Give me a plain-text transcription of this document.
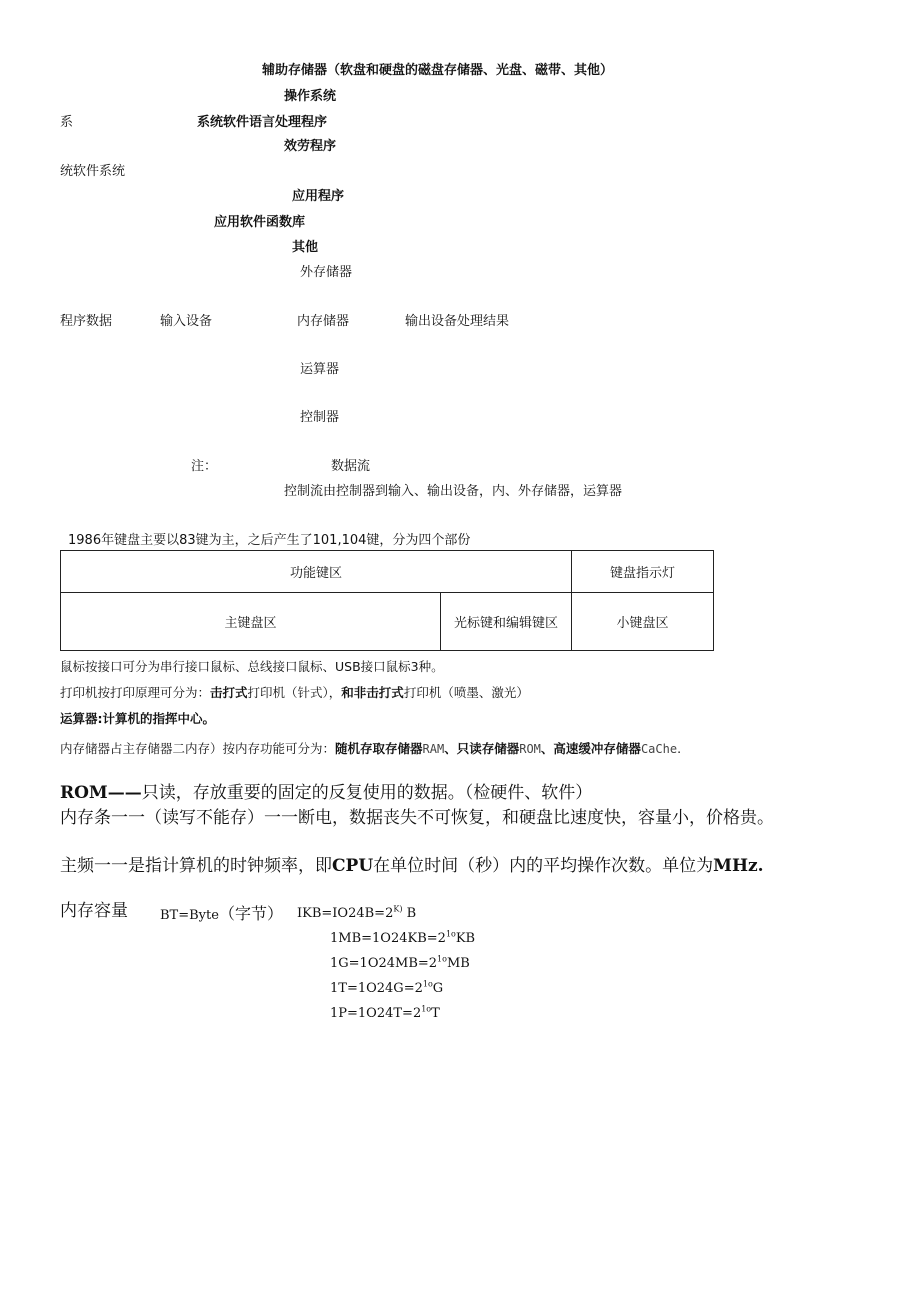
辅助存储器（软盘和硬盘的磁盘存储器、光盘、磁带、其他）
操作系统
系	系统软件语言处理程序
效劳程序
统软件系统
应用程序
应用软件函数库
其他
外存储器
程序数据	输入设备	内存储器	输出设备处理结果
运算器
控制器
注：	数据流
控制流由控制器到输入、输出设备，内、外存储器，运算器
1986年键盘主要以83键为主，之后产生了101,104键，分为四个部份
功能键区	键盘指示灯
主键盘区	光标键和编辑键区	小键盘区
鼠标按接口可分为串行接口鼠标、总线接口鼠标、USB接口鼠标3种。
打印机按打印原理可分为：击打式打印机（针式），和非击打式打印机（喷墨、激光）
运算器:计算机的指挥中心。
内存储器占主存储器二内存）按内存功能可分为：随机存取存储器RAM、只读存储器ROM、高速缓冲存储器CaChe.
ROM——只读，存放重要的固定的反复使用的数据。（检硬件、软件）
内存条一一（读写不能存）一一断电，数据丧失不可恢复，和硬盘比速度快，容量小，价格贵。
主频一一是指计算机的时钟频率，即CPU在单位时间（秒）内的平均操作次数。单位为MHz.
内存容量 BT=Byte（字节） $IKB=IO24B=2^{K)}$ B
$1MB=1O24KB=2^{1o}KB$
$1G=1O24MB=2^{1o}MB$
$1T=1O24G=2^{1o}G$
$1P=1O24T=2^{1o}T$
